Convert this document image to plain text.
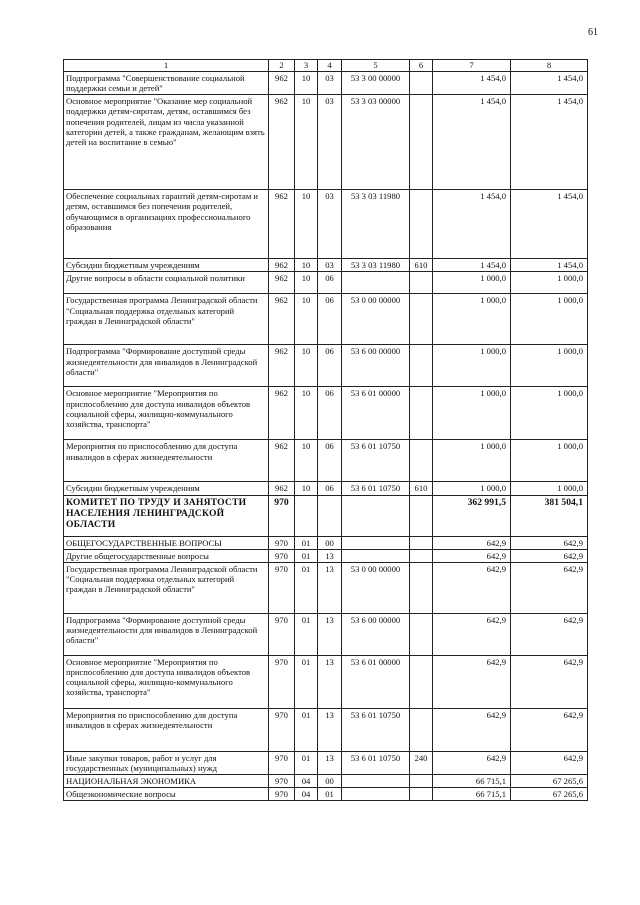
61
1	2	3	4	5	6	7	8
Подпрограмма "Совершенствование социальной поддержки семьи и детей"	962	10	03	53 3 00 00000		1 454,0	1 454,0
Основное мероприятие "Оказание мер социальной поддержки детям-сиротам, детям, оставшимся без попечения родителей, лицам из числа указанной категории детей, а также гражданам, желающим взять детей на воспитание в семью"	962	10	03	53 3 03 00000		1 454,0	1 454,0
Обеспечение социальных гарантий детям-сиротам и детям, оставшимся без попечения родителей, обучающимся в организациях профессионального образования	962	10	03	53 3 03 11980		1 454,0	1 454,0
Субсидии бюджетным учреждениям	962	10	03	53 3 03 11980	610	1 454,0	1 454,0
Другие вопросы в области социальной политики	962	10	06			1 000,0	1 000,0
Государственная программа Ленинградской области "Социальная поддержка отдельных категорий граждан в Ленинградской области"	962	10	06	53 0 00 00000		1 000,0	1 000,0
Подпрограмма "Формирование доступной среды жизнедеятельности для инвалидов в Ленинградской области"	962	10	06	53 6 00 00000		1 000,0	1 000,0
Основное мероприятие "Мероприятия по приспособлению для доступа инвалидов объектов социальной сферы, жилищно-коммунального хозяйства, транспорта"	962	10	06	53 6 01 00000		1 000,0	1 000,0
Мероприятия по приспособлению для доступа инвалидов в сферах жизнедеятельности	962	10	06	53 6 01 10750		1 000,0	1 000,0
Субсидии бюджетным учреждениям	962	10	06	53 6 01 10750	610	1 000,0	1 000,0
КОМИТЕТ ПО ТРУДУ И ЗАНЯТОСТИ НАСЕЛЕНИЯ ЛЕНИНГРАДСКОЙ ОБЛАСТИ	970					362 991,5	381 504,1
ОБЩЕГОСУДАРСТВЕННЫЕ ВОПРОСЫ	970	01	00			642,9	642,9
Другие общегосударственные вопросы	970	01	13			642,9	642,9
Государственная программа Ленинградской области "Социальная поддержка отдельных категорий граждан в Ленинградской области"	970	01	13	53 0 00 00000		642,9	642,9
Подпрограмма "Формирование доступной среды жизнедеятельности для инвалидов в Ленинградской области"	970	01	13	53 6 00 00000		642,9	642,9
Основное мероприятие "Мероприятия по приспособлению для доступа инвалидов объектов социальной сферы, жилищно-коммунального хозяйства, транспорта"	970	01	13	53 6 01 00000		642,9	642,9
Мероприятия по приспособлению для доступа инвалидов в сферах жизнедеятельности	970	01	13	53 6 01 10750		642,9	642,9
Иные закупки товаров, работ и услуг для государственных (муниципальных) нужд	970	01	13	53 6 01 10750	240	642,9	642,9
НАЦИОНАЛЬНАЯ ЭКОНОМИКА	970	04	00			66 715,1	67 265,6
Общеэкономические вопросы	970	04	01			66 715,1	67 265,6
